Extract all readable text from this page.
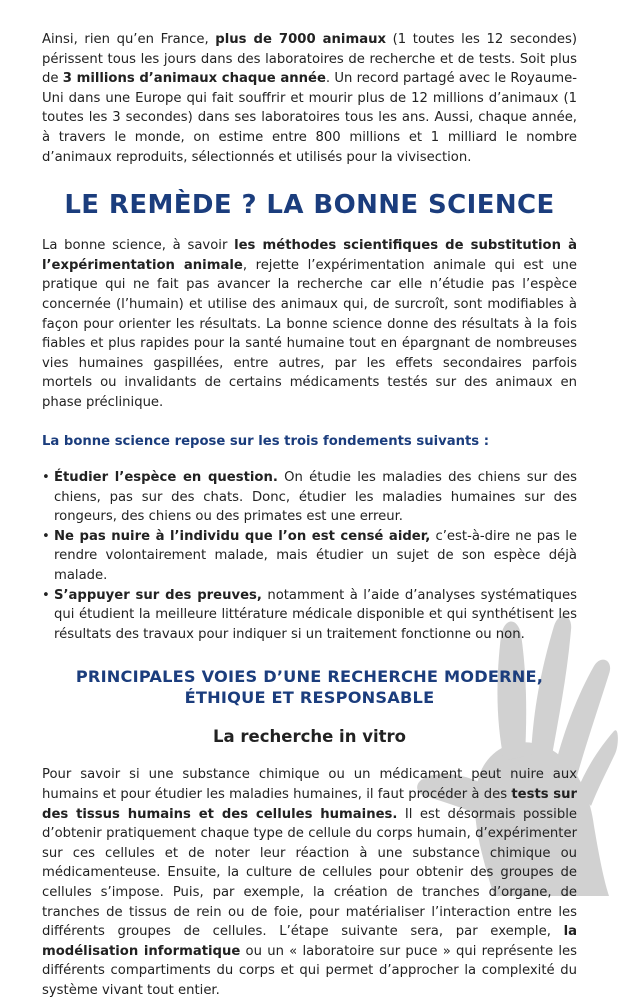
Ainsi, rien qu’en France, plus de 7000 animaux (1 toutes les 12 secondes) périssent tous les jours dans des laboratoires de recherche et de tests. Soit plus de 3 millions d’animaux chaque année. Un record partagé avec le Royaume-Uni dans une Europe qui fait souffrir et mourir plus de 12 millions d’animaux (1 toutes les 3 secondes) dans ses laboratoires tous les ans. Aussi, chaque année, à travers le monde, on estime entre 800 millions et 1 milliard le nombre d’animaux reproduits, sélectionnés et utilisés pour la vivisection.

LE REMÈDE ? LA BONNE SCIENCE

La bonne science, à savoir les méthodes scientifiques de substitution à l’expérimentation animale, rejette l’expérimentation animale qui est une pratique qui ne fait pas avancer la recherche car elle n’étudie pas l’espèce concernée (l’humain) et utilise des animaux qui, de surcroît, sont modifiables à façon pour orienter les résultats. La bonne science donne des résultats à la fois fiables et plus rapides pour la santé humaine tout en épargnant de nombreuses vies humaines gaspillées, entre autres, par les effets secondaires parfois mortels ou invalidants de certains médicaments testés sur des animaux en phase préclinique.

La bonne science repose sur les trois fondements suivants :
• Étudier l’espèce en question. On étudie les maladies des chiens sur des chiens, pas sur des chats. Donc, étudier les maladies humaines sur des rongeurs, des chiens ou des primates est une erreur.
• Ne pas nuire à l’individu que l’on est censé aider, c’est-à-dire ne pas le rendre volontairement malade, mais étudier un sujet de son espèce déjà malade.
• S’appuyer sur des preuves, notamment à l’aide d’analyses systématiques qui étudient la meilleure littérature médicale disponible et qui synthétisent les résultats des travaux pour indiquer si un traitement fonctionne ou non.
PRINCIPALES VOIES D’UNE RECHERCHE MODERNE,
ÉTHIQUE ET RESPONSABLE
La recherche in vitro

Pour savoir si une substance chimique ou un médicament peut nuire aux humains et pour étudier les maladies humaines, il faut procéder à des tests sur des tissus humains et des cellules humaines. Il est désormais possible d’obtenir pratiquement chaque type de cellule du corps humain, d’expérimenter sur ces cellules et de noter leur réaction à une substance chimique ou médicamenteuse. Ensuite, la culture de cellules pour obtenir des groupes de cellules s’impose. Puis, par exemple, la création de tranches d’organe, de tranches de tissus de rein ou de foie, pour matérialiser l’interaction entre les différents groupes de cellules. L’étape suivante sera, par exemple, la modélisation informatique ou un « laboratoire sur puce » qui représente les différents compartiments du corps et qui permet d’approcher la complexité du système vivant tout entier.
